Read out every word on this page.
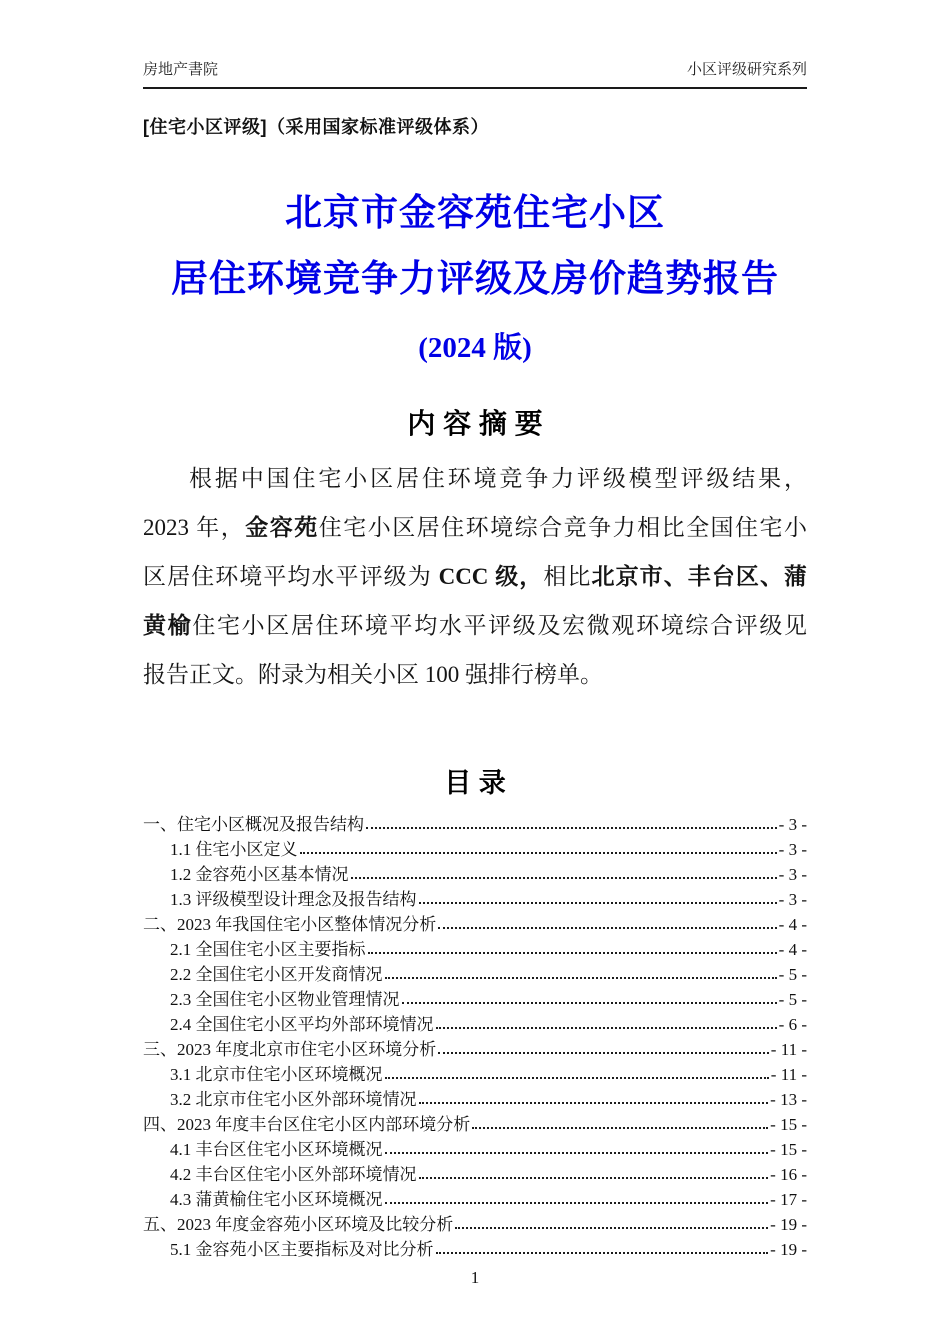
房地产書院	小区评级研究系列
[住宅小区评级]（采用国家标准评级体系）
北京市金容苑住宅小区
居住环境竞争力评级及房价趋势报告
(2024 版)
内 容 摘 要
根据中国住宅小区居住环境竞争力评级模型评级结果，
2023 年，金容苑住宅小区居住环境综合竞争力相比全国住宅小
区居住环境平均水平评级为 CCC 级，相比北京市、丰台区、蒲
黄榆住宅小区居住环境平均水平评级及宏微观环境综合评级见
报告正文。附录为相关小区 100 强排行榜单。
目 录
一、住宅小区概况及报告结构	- 3 -
1.1 住宅小区定义	- 3 -
1.2 金容苑小区基本情况	- 3 -
1.3 评级模型设计理念及报告结构	- 3 -
二、2023 年我国住宅小区整体情况分析	- 4 -
2.1 全国住宅小区主要指标	- 4 -
2.2 全国住宅小区开发商情况	- 5 -
2.3 全国住宅小区物业管理情况	- 5 -
2.4 全国住宅小区平均外部环境情况	- 6 -
三、2023 年度北京市住宅小区环境分析	- 11 -
3.1 北京市住宅小区环境概况	- 11 -
3.2 北京市住宅小区外部环境情况	- 13 -
四、2023 年度丰台区住宅小区内部环境分析	- 15 -
4.1 丰台区住宅小区环境概况	- 15 -
4.2 丰台区住宅小区外部环境情况	- 16 -
4.3 蒲黄榆住宅小区环境概况	- 17 -
五、2023 年度金容苑小区环境及比较分析	- 19 -
5.1 金容苑小区主要指标及对比分析	- 19 -
1
